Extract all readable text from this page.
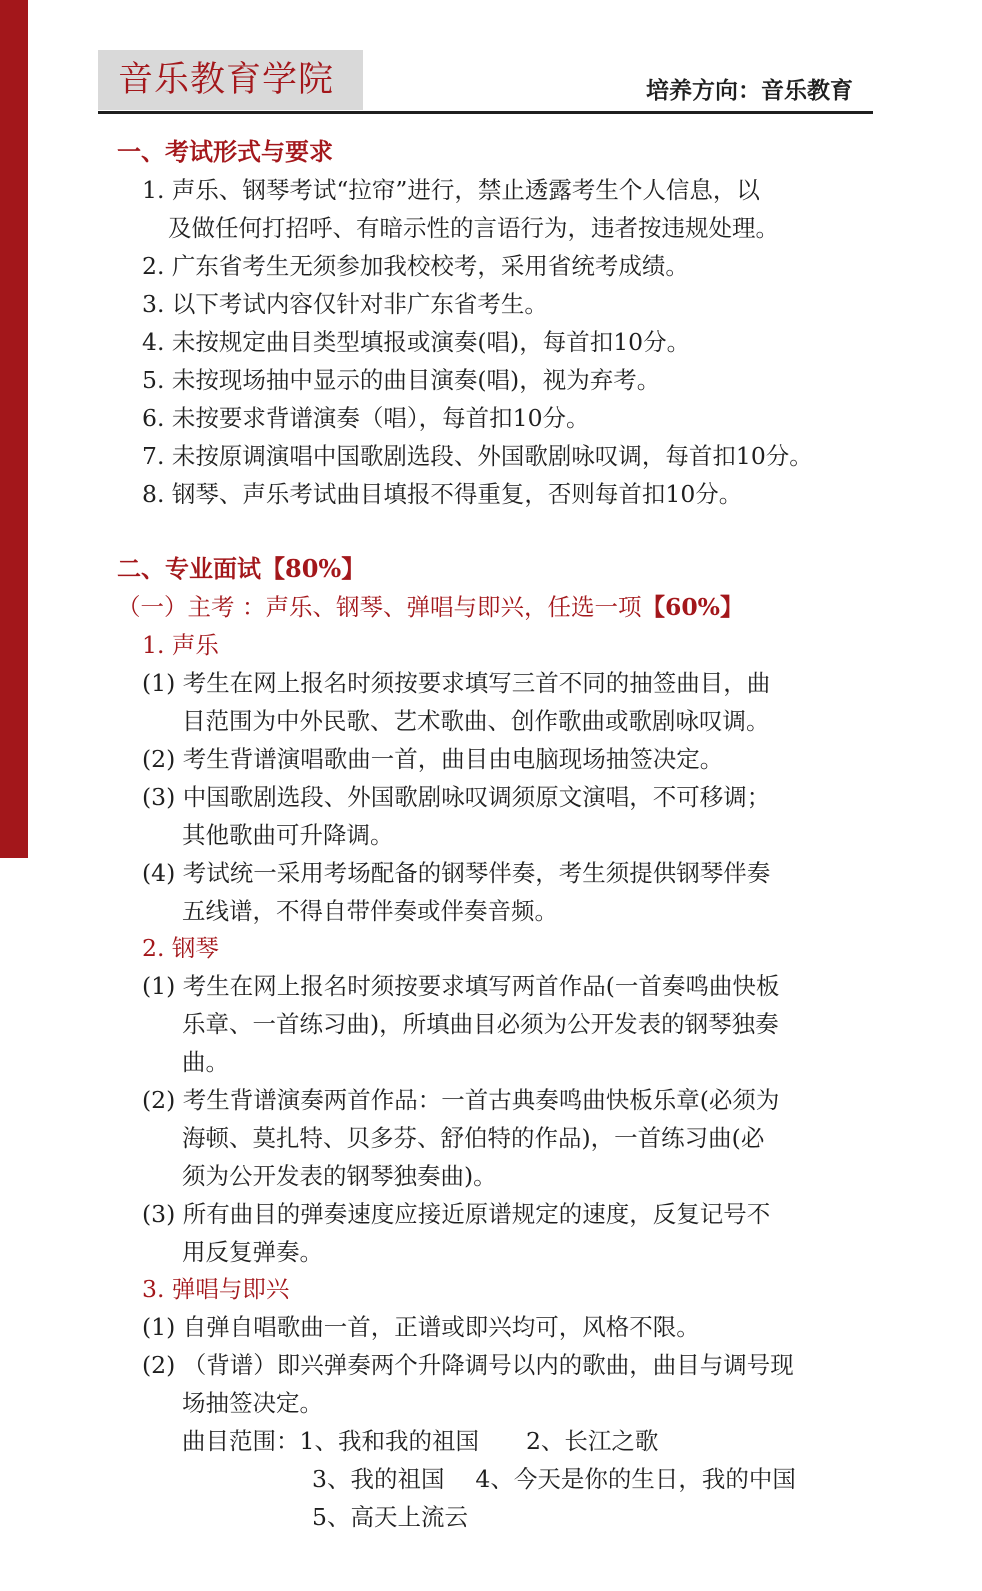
音乐教育学院	培养方向：音乐教育
一、考试形式与要求
1. 声乐、钢琴考试“拉帘”进行，禁止透露考生个人信息，以
及做任何打招呼、有暗示性的言语行为，违者按违规处理。
2. 广东省考生无须参加我校校考，采用省统考成绩。
3. 以下考试内容仅针对非广东省考生。
4. 未按规定曲目类型填报或演奏(唱)，每首扣10分。
5. 未按现场抽中显示的曲目演奏(唱)，视为弃考。
6. 未按要求背谱演奏（唱），每首扣10分。
7. 未按原调演唱中国歌剧选段、外国歌剧咏叹调，每首扣10分。
8. 钢琴、声乐考试曲目填报不得重复，否则每首扣10分。
二、专业面试【80%】
（一）主考 ：声乐、钢琴、弹唱与即兴，任选一项【60%】
1. 声乐
(1) 考生在网上报名时须按要求填写三首不同的抽签曲目，曲
目范围为中外民歌、艺术歌曲、创作歌曲或歌剧咏叹调。
(2) 考生背谱演唱歌曲一首，曲目由电脑现场抽签决定。
(3) 中国歌剧选段、外国歌剧咏叹调须原文演唱，不可移调；
其他歌曲可升降调。
(4) 考试统一采用考场配备的钢琴伴奏，考生须提供钢琴伴奏
五线谱，不得自带伴奏或伴奏音频。
2. 钢琴
(1) 考生在网上报名时须按要求填写两首作品(一首奏鸣曲快板
乐章、一首练习曲)，所填曲目必须为公开发表的钢琴独奏
曲。
(2) 考生背谱演奏两首作品：一首古典奏鸣曲快板乐章(必须为
海顿、莫扎特、贝多芬、舒伯特的作品)，一首练习曲(必
须为公开发表的钢琴独奏曲)。
(3) 所有曲目的弹奏速度应接近原谱规定的速度，反复记号不
用反复弹奏。
3. 弹唱与即兴
(1) 自弹自唱歌曲一首，正谱或即兴均可，风格不限。
(2) （背谱）即兴弹奏两个升降调号以内的歌曲，曲目与调号现
场抽签决定。
曲目范围：1、我和我的祖国　　2、长江之歌
3、我的祖国　 4、今天是你的生日，我的中国
5、高天上流云
